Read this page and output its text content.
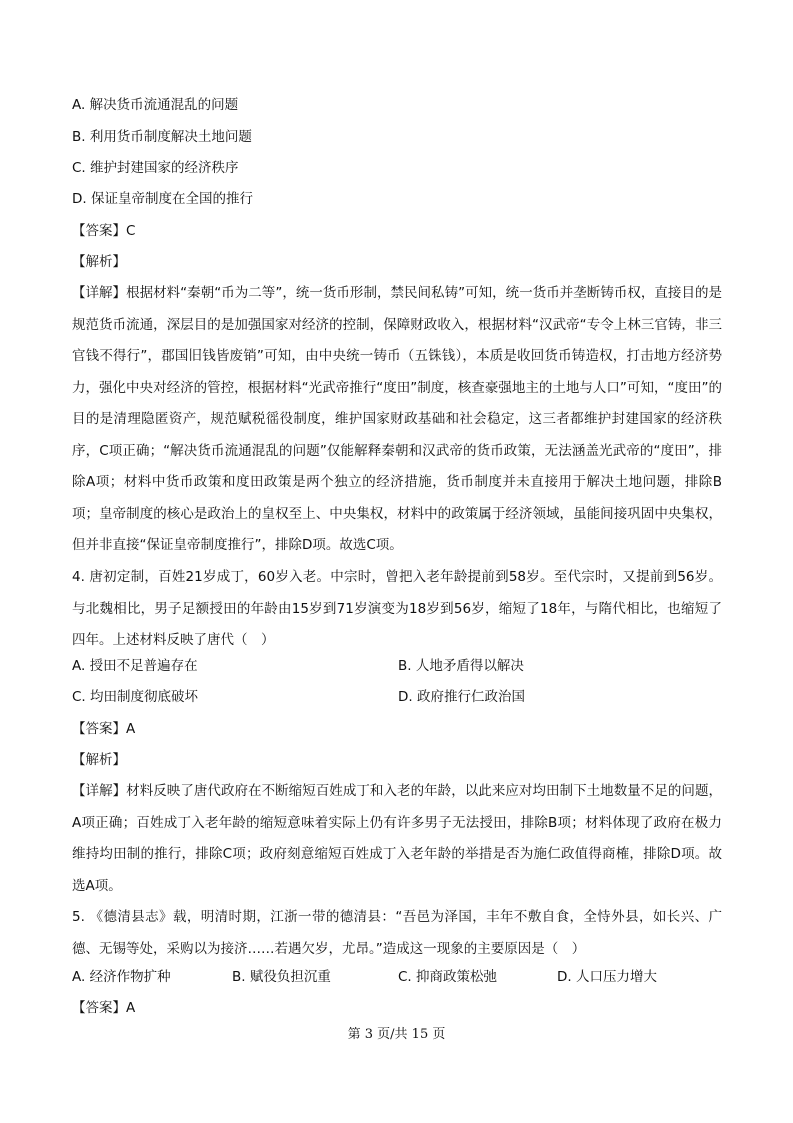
A. 解决货币流通混乱的问题
B. 利用货币制度解决土地问题
C. 维护封建国家的经济秩序
D. 保证皇帝制度在全国的推行
【答案】C
【解析】
【详解】根据材料“秦朝“币为二等”，统一货币形制，禁民间私铸”可知，统一货币并垄断铸币权，直接目的是规范货币流通，深层目的是加强国家对经济的控制，保障财政收入，根据材料“汉武帝“专令上林三官铸，非三官钱不得行”，郡国旧钱皆废销”可知，由中央统一铸币（五铢钱），本质是收回货币铸造权，打击地方经济势力，强化中央对经济的管控，根据材料“光武帝推行“度田”制度，核查豪强地主的土地与人口”可知，“度田”的目的是清理隐匿资产，规范赋税徭役制度，维护国家财政基础和社会稳定，这三者都维护封建国家的经济秩序，C项正确；“解决货币流通混乱的问题”仅能解释秦朝和汉武帝的货币政策，无法涵盖光武帝的“度田”，排除A项；材料中货币政策和度田政策是两个独立的经济措施，货币制度并未直接用于解决土地问题，排除B项；皇帝制度的核心是政治上的皇权至上、中央集权，材料中的政策属于经济领域，虽能间接巩固中央集权，但并非直接“保证皇帝制度推行”，排除D项。故选C项。
4. 唐初定制，百姓21岁成丁，60岁入老。中宗时，曾把入老年龄提前到58岁。至代宗时，又提前到56岁。与北魏相比，男子足额授田的年龄由15岁到71岁演变为18岁到56岁，缩短了18年，与隋代相比，也缩短了四年。上述材料反映了唐代（　）
A. 授田不足普遍存在	B. 人地矛盾得以解决
C. 均田制度彻底破坏	D. 政府推行仁政治国
【答案】A
【解析】
【详解】材料反映了唐代政府在不断缩短百姓成丁和入老的年龄，以此来应对均田制下土地数量不足的问题，A项正确；百姓成丁入老年龄的缩短意味着实际上仍有许多男子无法授田，排除B项；材料体现了政府在极力维持均田制的推行，排除C项；政府刻意缩短百姓成丁入老年龄的举措是否为施仁政值得商榷，排除D项。故选A项。
5. 《德清县志》载，明清时期，江浙一带的德清县：“吾邑为泽国，丰年不敷自食，全恃外县，如长兴、广德、无锡等处，采购以为接济……若遇欠岁，尤昂。”造成这一现象的主要原因是（　）
A. 经济作物扩种	B. 赋役负担沉重	C. 抑商政策松弛	D. 人口压力增大
【答案】A
第 3 页/共 15 页
